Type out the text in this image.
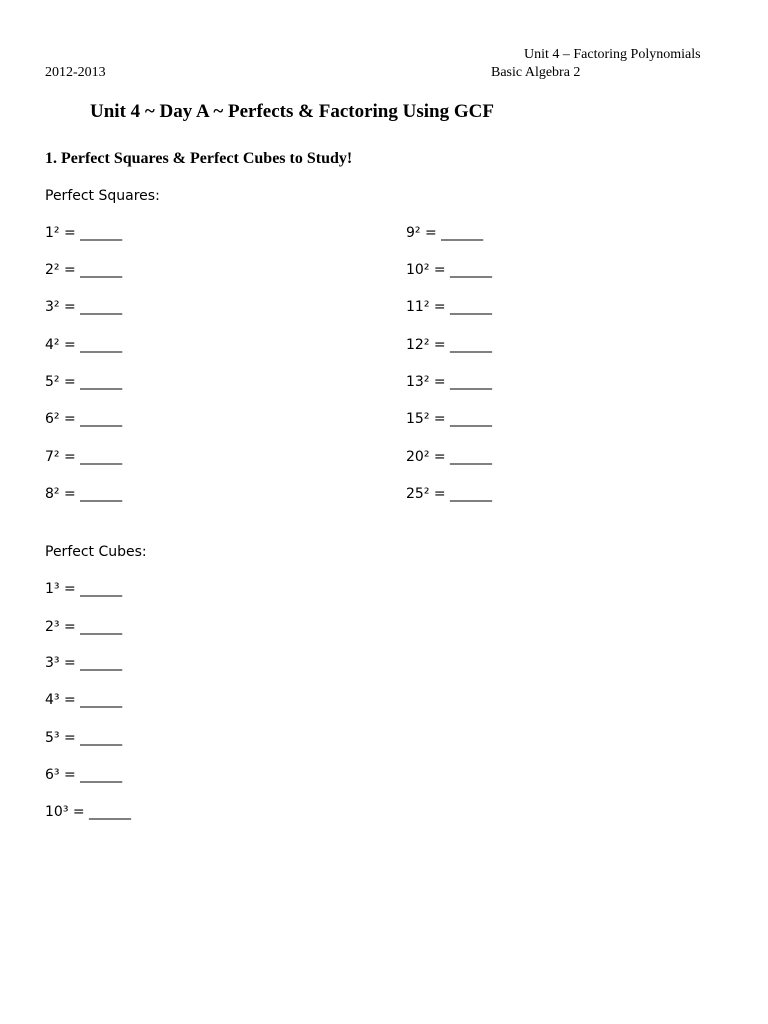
Unit 4 – Factoring Polynomials
Basic Algebra 2
2012-2013
Unit 4 ~ Day A ~ Perfects & Factoring Using GCF
1. Perfect Squares & Perfect Cubes to Study!
Perfect Squares:
1² = ______
2² = ______
3² = ______
4² = ______
5² = ______
6² = ______
7² = ______
8² = ______
9² = ______
10² = ______
11² = ______
12² = ______
13² = ______
15² = ______
20² = ______
25² = ______
Perfect Cubes:
1³ = ______
2³ = ______
3³ = ______
4³ = ______
5³ = ______
6³ = ______
10³ = ______
